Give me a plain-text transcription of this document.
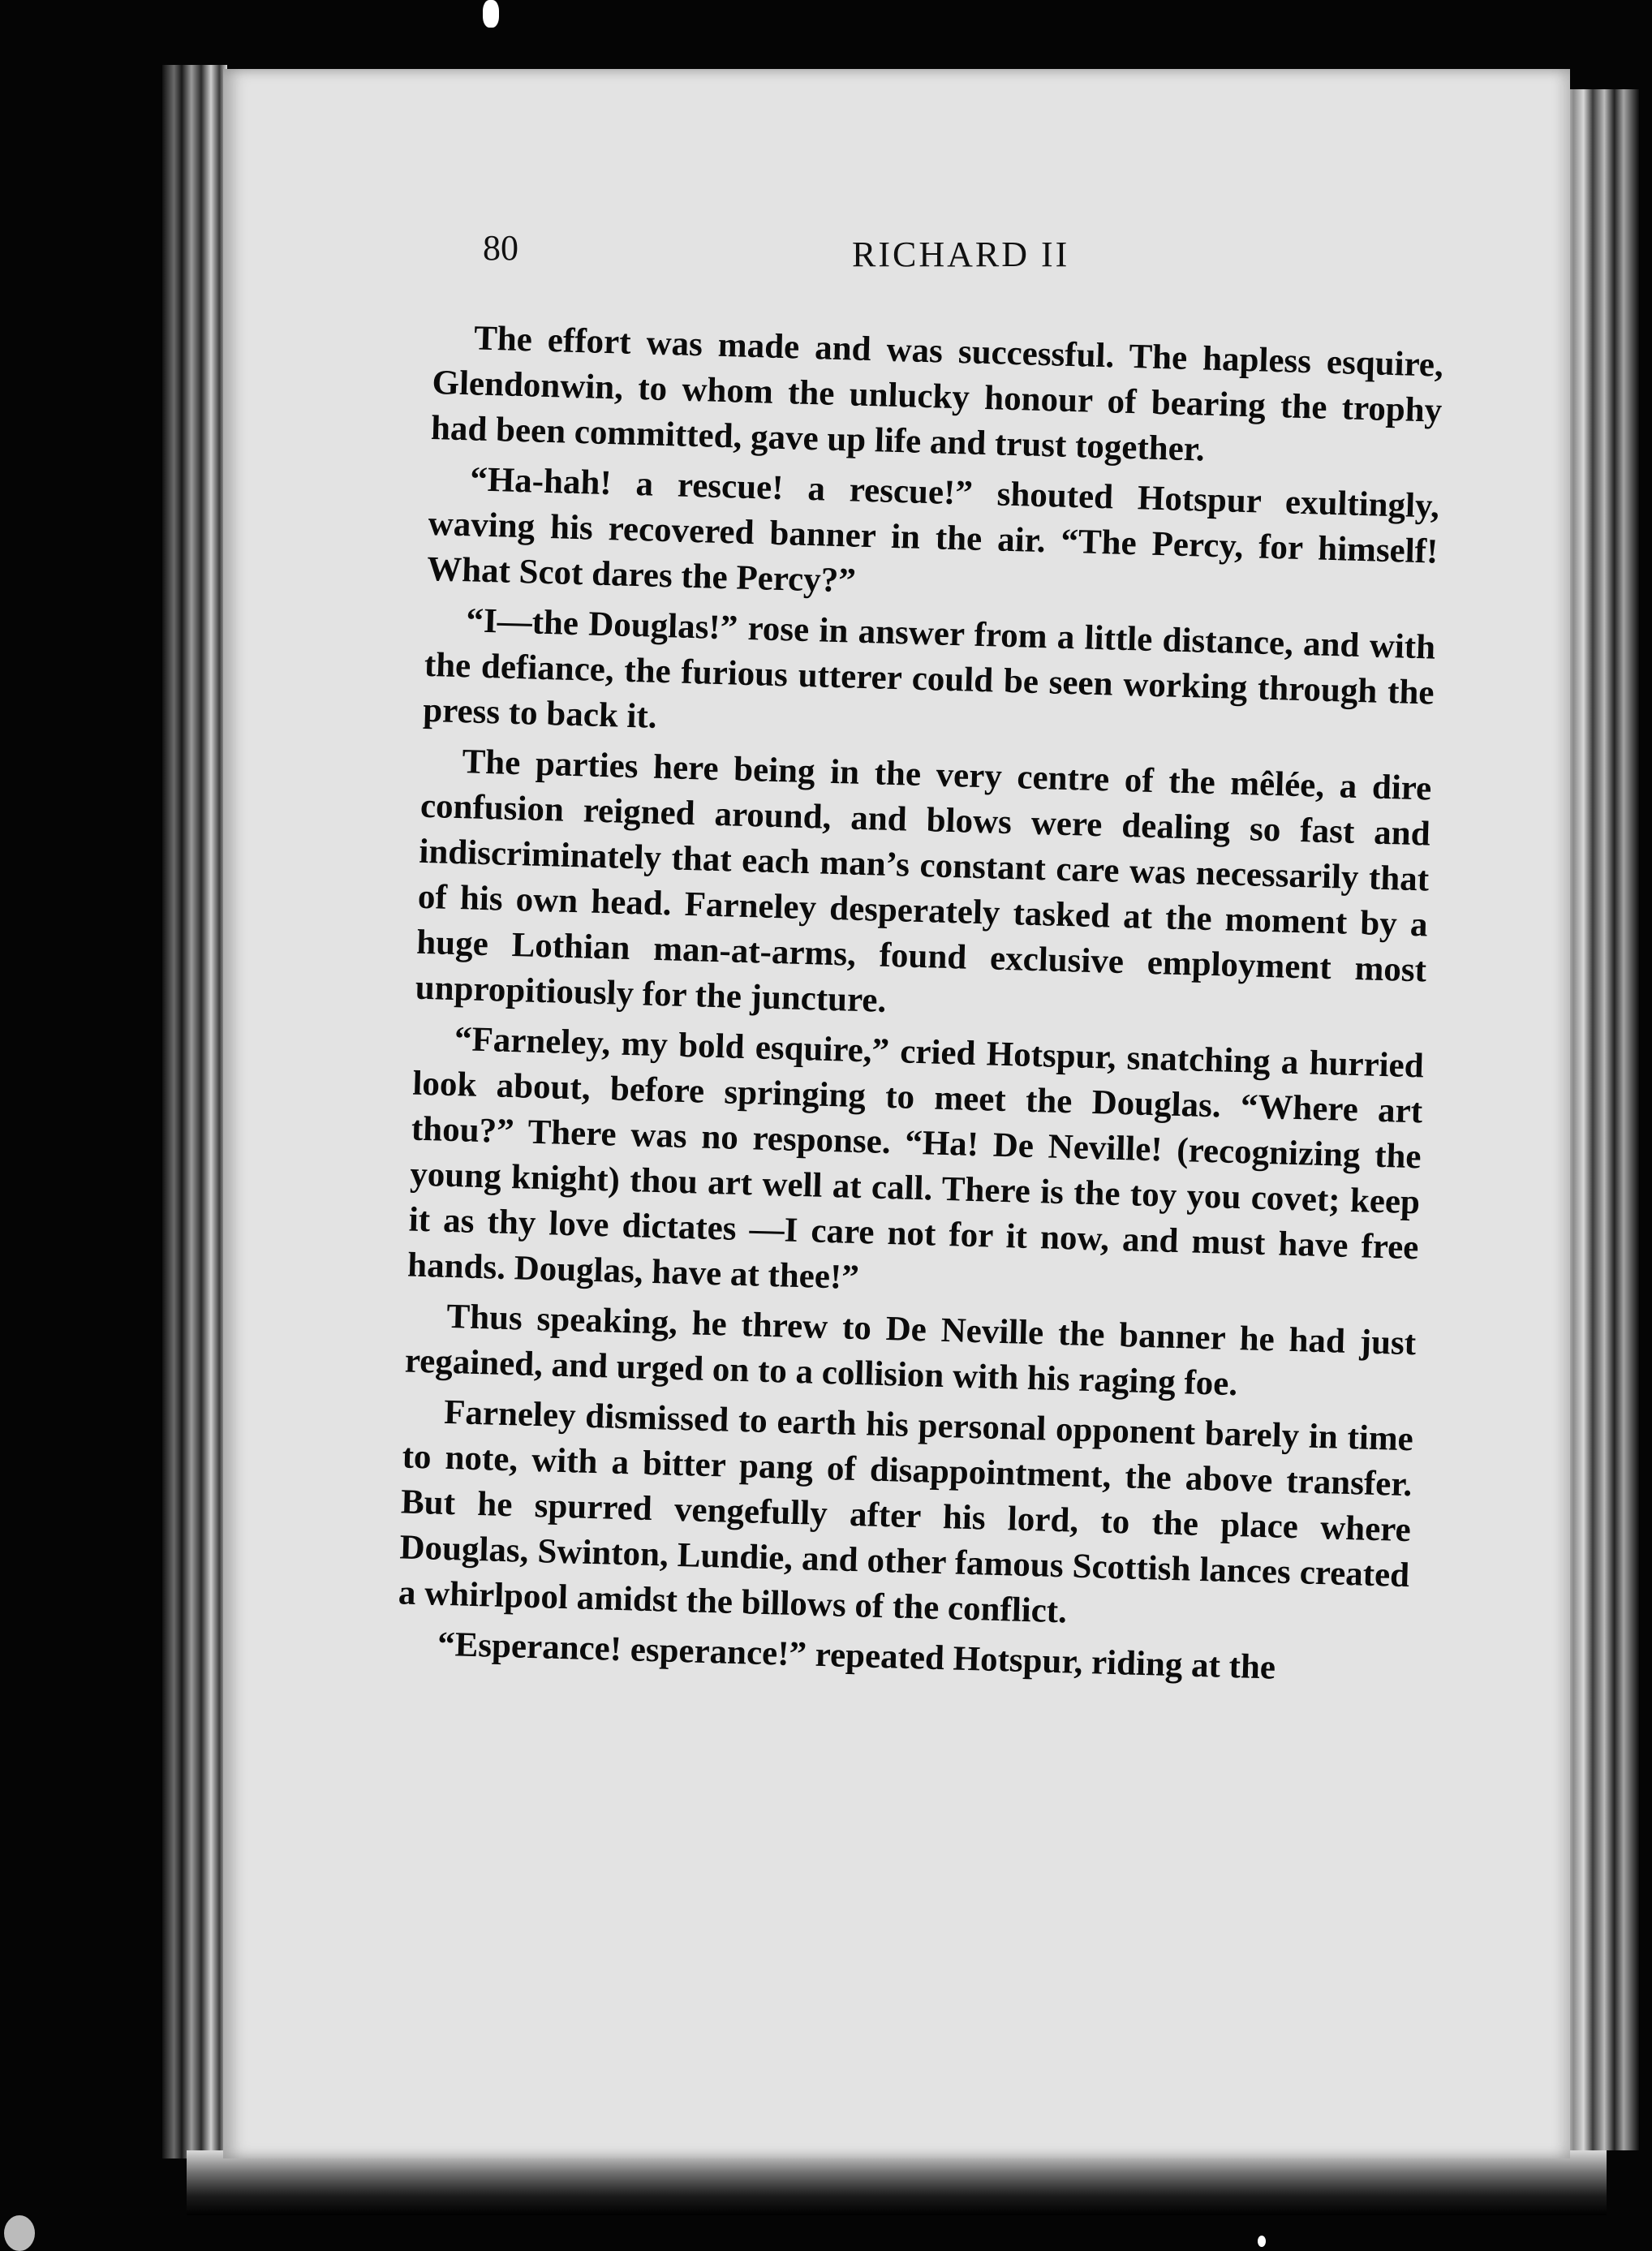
80	RICHARD II

The effort was made and was successful. The hapless esquire, Glendonwin, to whom the unlucky honour of bearing the trophy had been committed, gave up life and trust together.

“Ha-hah! a rescue! a rescue!” shouted Hotspur exultingly, waving his recovered banner in the air. “The Percy, for himself! What Scot dares the Percy?”

“I—the Douglas!” rose in answer from a little distance, and with the defiance, the furious utterer could be seen working through the press to back it.

The parties here being in the very centre of the mêlée, a dire confusion reigned around, and blows were dealing so fast and indiscriminately that each man’s constant care was necessarily that of his own head. Farneley desperately tasked at the moment by a huge Lothian man-at-arms, found exclusive employment most unpropitiously for the juncture.

“Farneley, my bold esquire,” cried Hotspur, snatching a hurried look about, before springing to meet the Douglas. “Where art thou?” There was no response. “Ha! De Neville! (recognizing the young knight) thou art well at call. There is the toy you covet; keep it as thy love dictates —I care not for it now, and must have free hands. Douglas, have at thee!”

Thus speaking, he threw to De Neville the banner he had just regained, and urged on to a collision with his raging foe.

Farneley dismissed to earth his personal opponent barely in time to note, with a bitter pang of disappointment, the above transfer. But he spurred vengefully after his lord, to the place where Douglas, Swinton, Lundie, and other famous Scottish lances created a whirlpool amidst the billows of the conflict.

“Esperance! esperance!” repeated Hotspur, riding at the
